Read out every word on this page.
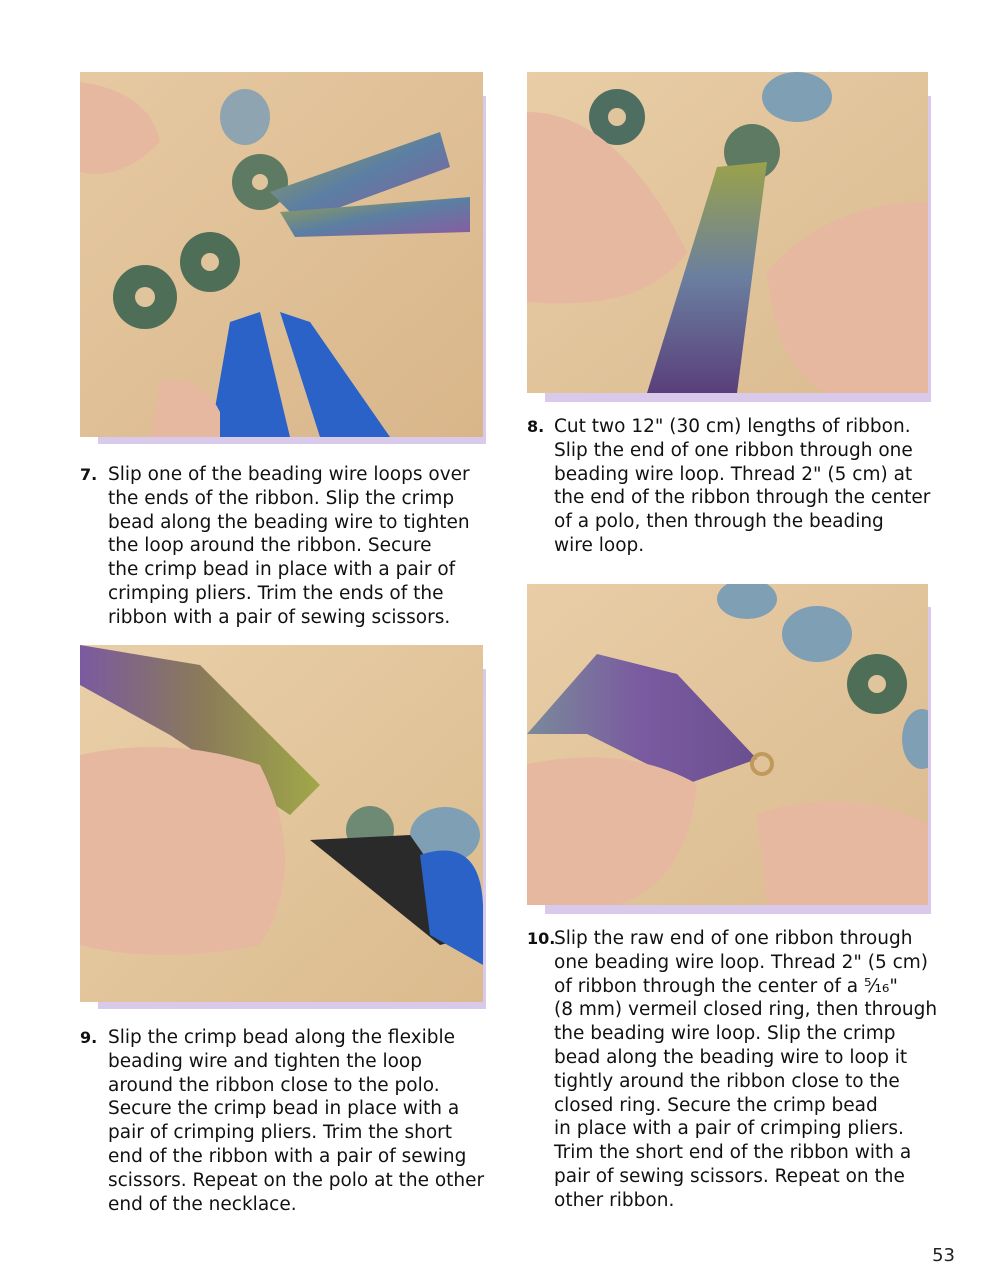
7. Slip one of the beading wire loops over
the ends of the ribbon. Slip the crimp
bead along the beading wire to tighten
the loop around the ribbon. Secure
the crimp bead in place with a pair of
crimping pliers. Trim the ends of the
ribbon with a pair of sewing scissors.
8. Cut two 12" (30 cm) lengths of ribbon.
Slip the end of one ribbon through one
beading wire loop. Thread 2" (5 cm) at
the end of the ribbon through the center
of a polo, then through the beading
wire loop.
9. Slip the crimp bead along the flexible
beading wire and tighten the loop
around the ribbon close to the polo.
Secure the crimp bead in place with a
pair of crimping pliers. Trim the short
end of the ribbon with a pair of sewing
scissors. Repeat on the polo at the other
end of the necklace.
10.
Slip the raw end of one ribbon through
one beading wire loop. Thread 2" (5 cm)
of ribbon through the center of a ⁵⁄₁₆"
(8 mm) vermeil closed ring, then through
the beading wire loop. Slip the crimp
bead along the beading wire to loop it
tightly around the ribbon close to the
closed ring. Secure the crimp bead
in place with a pair of crimping pliers.
Trim the short end of the ribbon with a
pair of sewing scissors. Repeat on the
other ribbon.
53
